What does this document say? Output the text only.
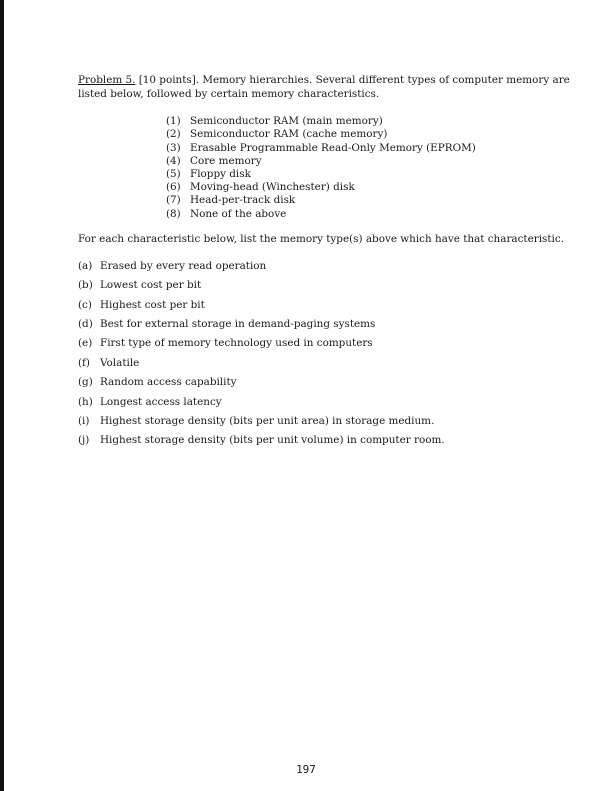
Problem 5. [10 points]. Memory hierarchies. Several different types of computer memory are listed below, followed by certain memory characteristics.

(1) Semiconductor RAM (main memory)
(2) Semiconductor RAM (cache memory)
(3) Erasable Programmable Read-Only Memory (EPROM)
(4) Core memory
(5) Floppy disk
(6) Moving-head (Winchester) disk
(7) Head-per-track disk
(8) None of the above

For each characteristic below, list the memory type(s) above which have that characteristic.

(a) Erased by every read operation
(b) Lowest cost per bit
(c) Highest cost per bit
(d) Best for external storage in demand-paging systems
(e) First type of memory technology used in computers
(f) Volatile
(g) Random access capability
(h) Longest access latency
(i)	Highest storage density (bits per unit area) in storage medium.
(j)	Highest storage density (bits per unit volume) in computer room.
197
